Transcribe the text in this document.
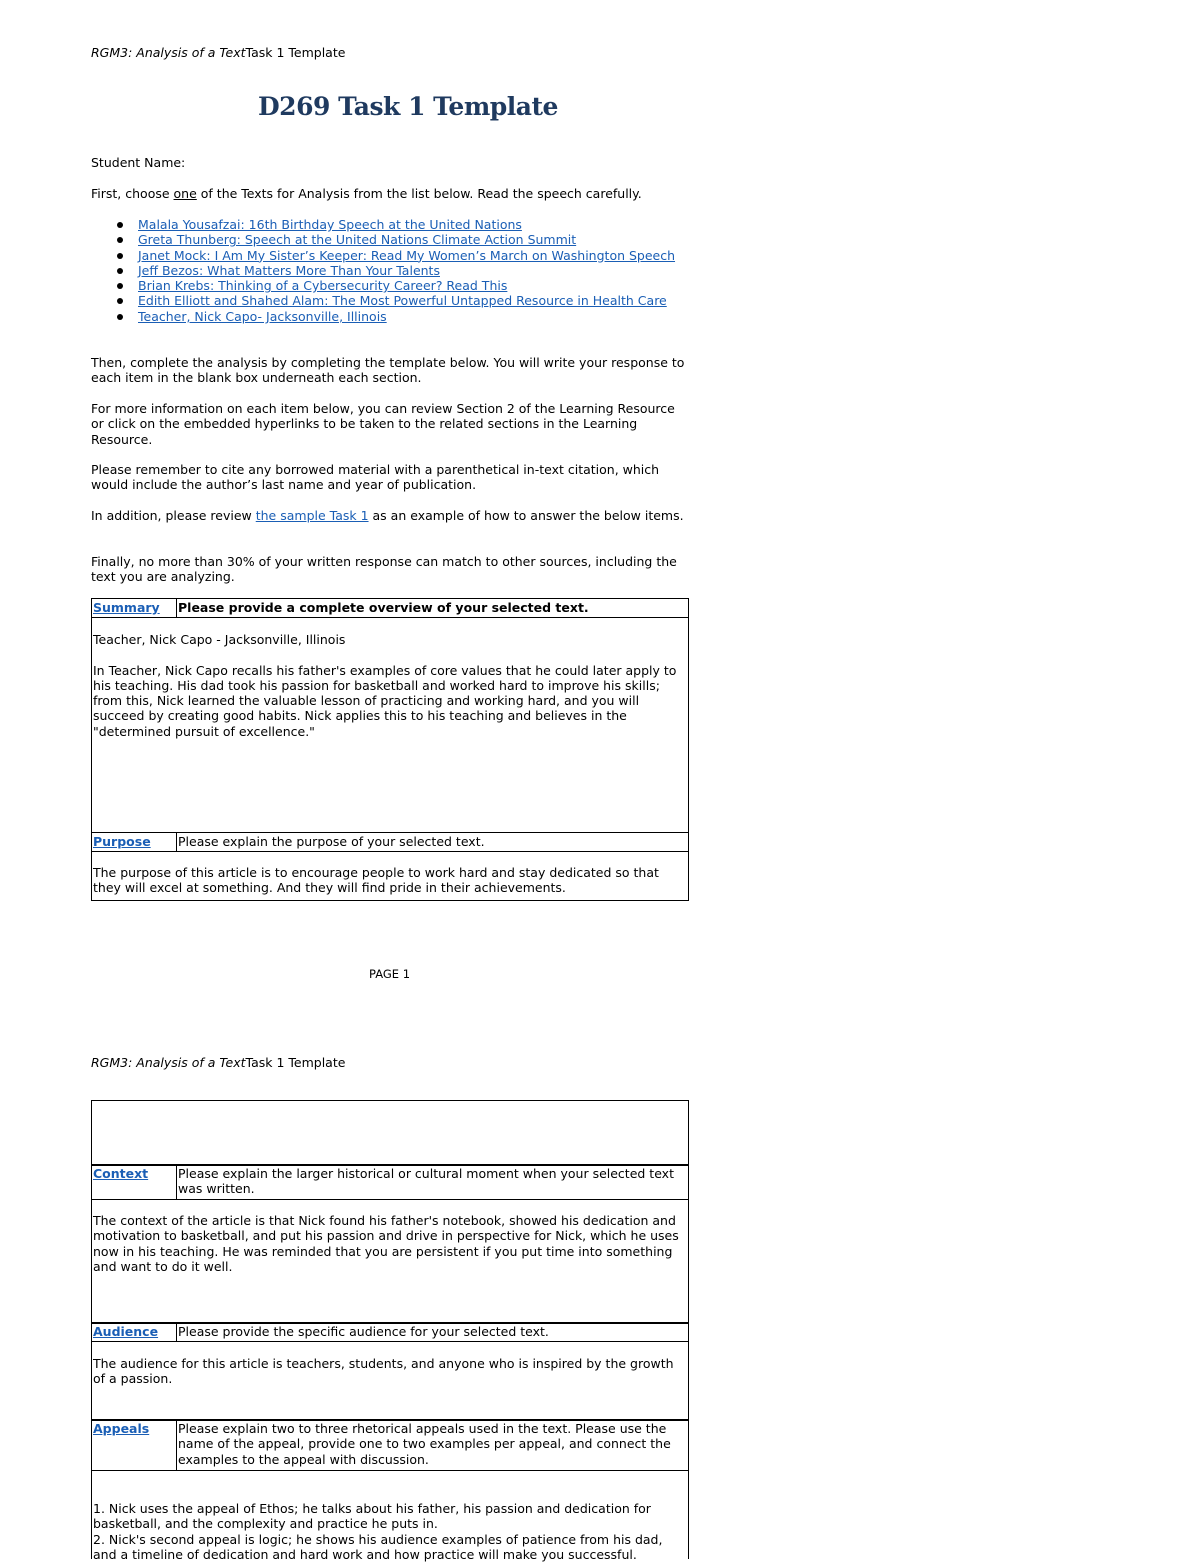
RGM3: Analysis of a TextTask 1 Template
D269 Task 1 Template

Student Name:

First, choose one of the Texts for Analysis from the list below. Read the speech carefully.

Malala Yousafzai: 16th Birthday Speech at the United Nations
Greta Thunberg: Speech at the United Nations Climate Action Summit
Janet Mock: I Am My Sister’s Keeper: Read My Women’s March on Washington Speech
Jeff Bezos: What Matters More Than Your Talents
Brian Krebs: Thinking of a Cybersecurity Career? Read This
Edith Elliott and Shahed Alam: The Most Powerful Untapped Resource in Health Care
Teacher, Nick Capo- Jacksonville, Illinois

Then, complete the analysis by completing the template below. You will write your response to each item in the blank box underneath each section.

For more information on each item below, you can review Section 2 of the Learning Resource or click on the embedded hyperlinks to be taken to the related sections in the Learning Resource.

Please remember to cite any borrowed material with a parenthetical in-text citation, which would include the author’s last name and year of publication.

In addition, please review the sample Task 1 as an example of how to answer the below items.

Finally, no more than 30% of your written response can match to other sources, including the text you are analyzing.

Summary	Please provide a complete overview of your selected text.

Teacher, Nick Capo - Jacksonville, Illinois

In Teacher, Nick Capo recalls his father's examples of core values that he could later apply to his teaching. His dad took his passion for basketball and worked hard to improve his skills; from this, Nick learned the valuable lesson of practicing and working hard, and you will succeed by creating good habits. Nick applies this to his teaching and believes in the "determined pursuit of excellence."

Purpose	Please explain the purpose of your selected text.

The purpose of this article is to encourage people to work hard and stay dedicated so that they will excel at something. And they will find pride in their achievements.

PAGE 1
RGM3: Analysis of a TextTask 1 Template
Context	Please explain the larger historical or cultural moment when your selected text was written.

The context of the article is that Nick found his father's notebook, showed his dedication and motivation to basketball, and put his passion and drive in perspective for Nick, which he uses now in his teaching. He was reminded that you are persistent if you put time into something and want to do it well.

Audience	Please provide the specific audience for your selected text.

The audience for this article is teachers, students, and anyone who is inspired by the growth of a passion.

Appeals	Please explain two to three rhetorical appeals used in the text. Please use the name of the appeal, provide one to two examples per appeal, and connect the examples to the appeal with discussion.

1. Nick uses the appeal of Ethos; he talks about his father, his passion and dedication for basketball, and the complexity and practice he puts in.

2. Nick's second appeal is logic; he shows his audience examples of patience from his dad, and a timeline of dedication and hard work and how practice will make you successful.
